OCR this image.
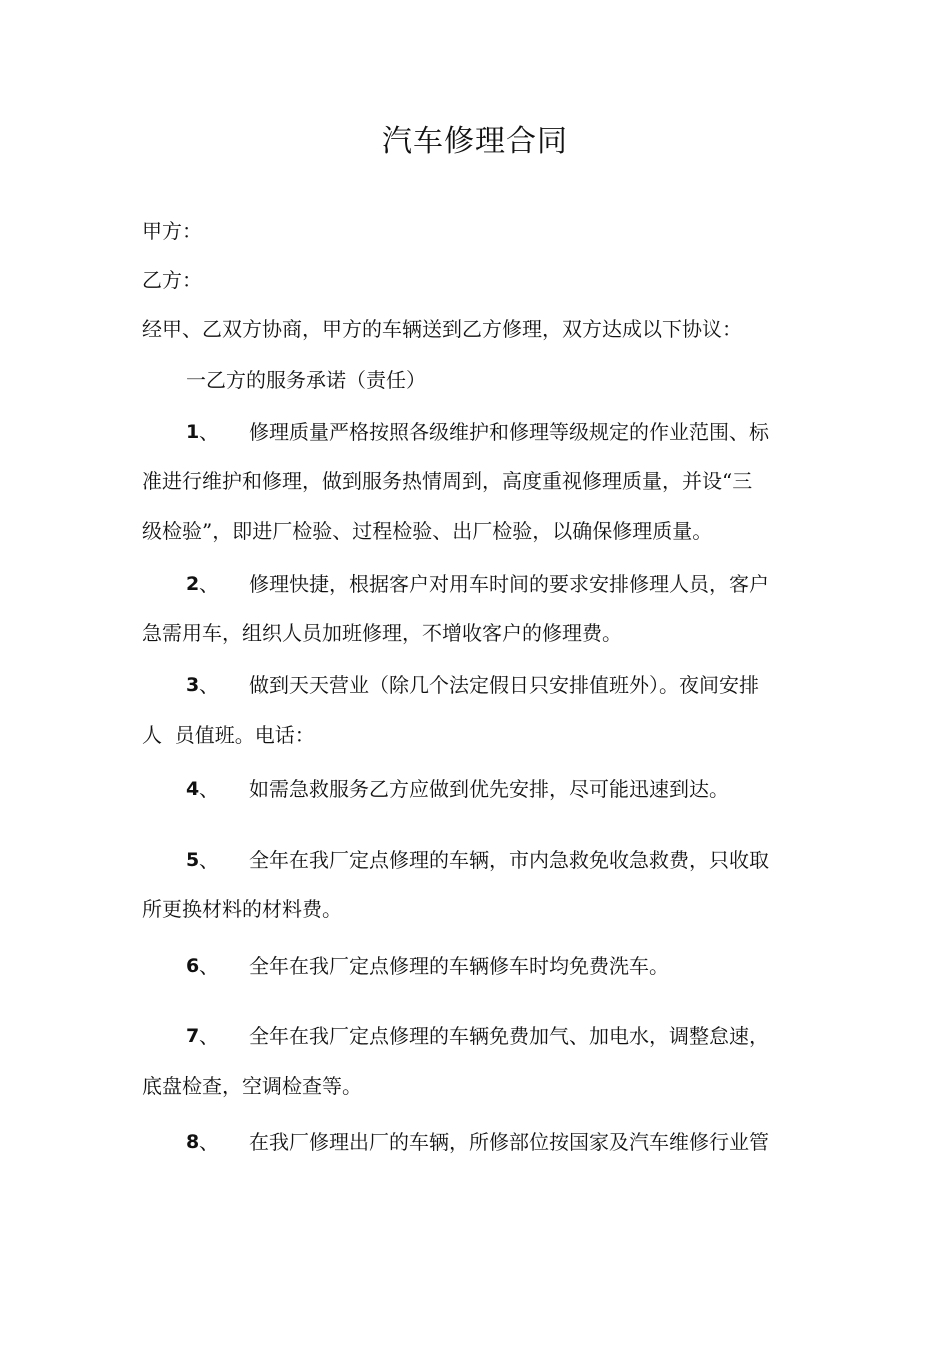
汽车修理合同
甲方：
乙方：
经甲、乙双方协商，甲方的车辆送到乙方修理，双方达成以下协议：
一乙方的服务承诺（责任）
1 、 修理质量严格按照各级维护和修理等级规定的作业范围、标
准进行维护和修理，做到服务热情周到，高度重视修理质量，并设“三
级检验”，即进厂检验、过程检验、出厂检验，以确保修理质量。
2 、 修理快捷，根据客户对用车时间的要求安排修理人员，客户
急需用车，组织人员加班修理，不增收客户的修理费。
3 、 做到天天营业（除几个法定假日只安排值班外）。夜间安排
人  员值班。电话：
4 、 如需急救服务乙方应做到优先安排，尽可能迅速到达。
5 、 全年在我厂定点修理的车辆，市内急救免收急救费，只收取
所更换材料的材料费。
6 、 全年在我厂定点修理的车辆修车时均免费洗车。
7 、 全年在我厂定点修理的车辆免费加气、加电水，调整怠速，
底盘检查，空调检查等。
8 、 在我厂修理出厂的车辆，所修部位按国家及汽车维修行业管
